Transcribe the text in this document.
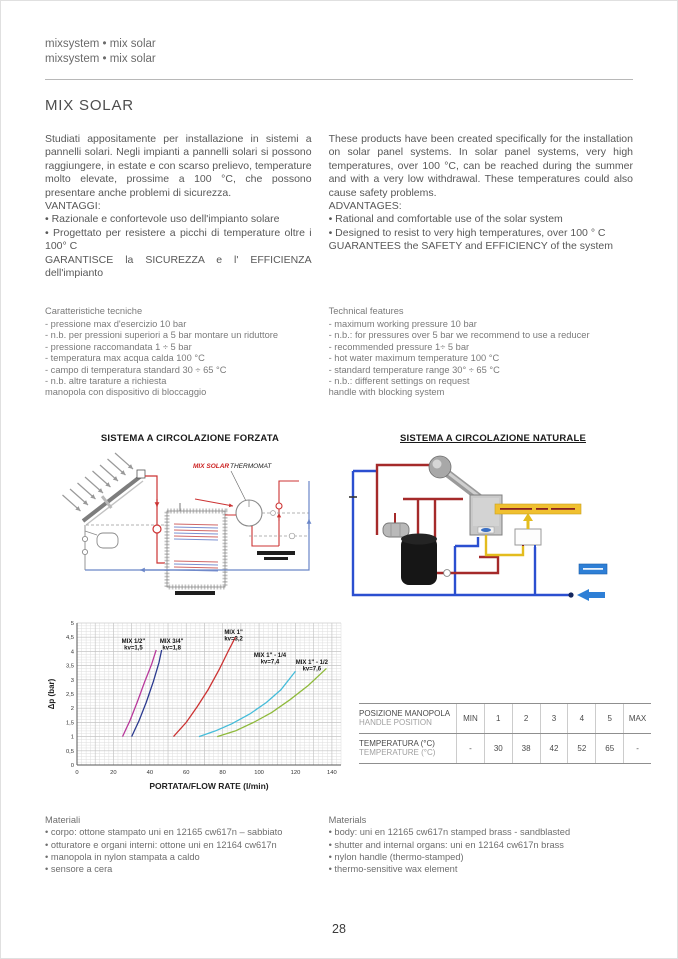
mixsystem • mix solar
mixsystem • mix solar
MIX SOLAR

Studiati appositamente per installazione in sistemi a pannelli solari. Negli impianti a pannelli solari si possono raggiungere, in estate e con scarso prelievo, temperature molto elevate, prossime a 100 °C, che possono presentare anche problemi di sicurezza.

VANTAGGI:
• Razionale e confortevole uso dell'impianto solare
• Progettato per resistere a picchi di temperature oltre i 100° C
GARANTISCE la SICUREZZA e l' EFFICIENZA dell'impianto

These products have been created specifically for the installation on solar panel systems. In solar panel systems, very high temperatures, over 100 °C, can be reached during the summer and with a very low withdrawal. These temperatures could also cause safety problems.

ADVANTAGES:
• Rational and comfortable use of the solar system
• Designed to resist to very high temperatures, over 100 ° C
GUARANTEES the SAFETY and EFFICIENCY of the system
Caratteristiche tecniche
- pressione max d'esercizio 10 bar
- n.b. per pressioni superiori a 5 bar montare un riduttore
- pressione raccomandata 1 ÷ 5 bar
- temperatura max acqua calda 100 °C
- campo di temperatura standard 30 ÷ 65 °C
- n.b. altre tarature a richiesta
manopola con dispositivo di bloccaggio
Technical features
- maximum working pressure 10 bar
- n.b.: for pressures over 5 bar we recommend to use a reducer
- recommended pressure 1÷ 5 bar
- hot water maximum temperature 100 °C
- standard temperature range 30° ÷ 65 °C
- n.b.: different settings on request
handle with blocking system
SISTEMA A CIRCOLAZIONE FORZATA
MIX SOLAR THERMOMAT
SISTEMA A CIRCOLAZIONE NATURALE
0	20	40	60	80	100	120	140
0
0,5
1
1,5
2
2,5
3
3,5
4
4,5
5
MIX 1/2" kv=1,5
MIX 3/4" kv=1,8
MIX 1" kv=3,2
MIX 1" - 1/4 kv=7,4	MIX 1" - 1/2 kv=7,6
PORTATA/FLOW RATE (l/min)
Δp (bar)
POSIZIONE MANOPOLA
HANDLE POSITION	MIN	1	2	3	4	5	MAX
TEMPERATURA (°C)
TEMPERATURE (°C)	-	30	38	42	52	65	-
Materiali
• corpo: ottone stampato uni en 12165 cw617n – sabbiato
• otturatore e organi interni: ottone uni en 12164 cw617n
• manopola in nylon stampata a caldo
• sensore a cera
Materials
• body: uni en 12165 cw617n stamped brass - sandblasted
• shutter and internal organs: uni en 12164 cw617n brass
• nylon handle (thermo-stamped)
• thermo-sensitive wax element
28
